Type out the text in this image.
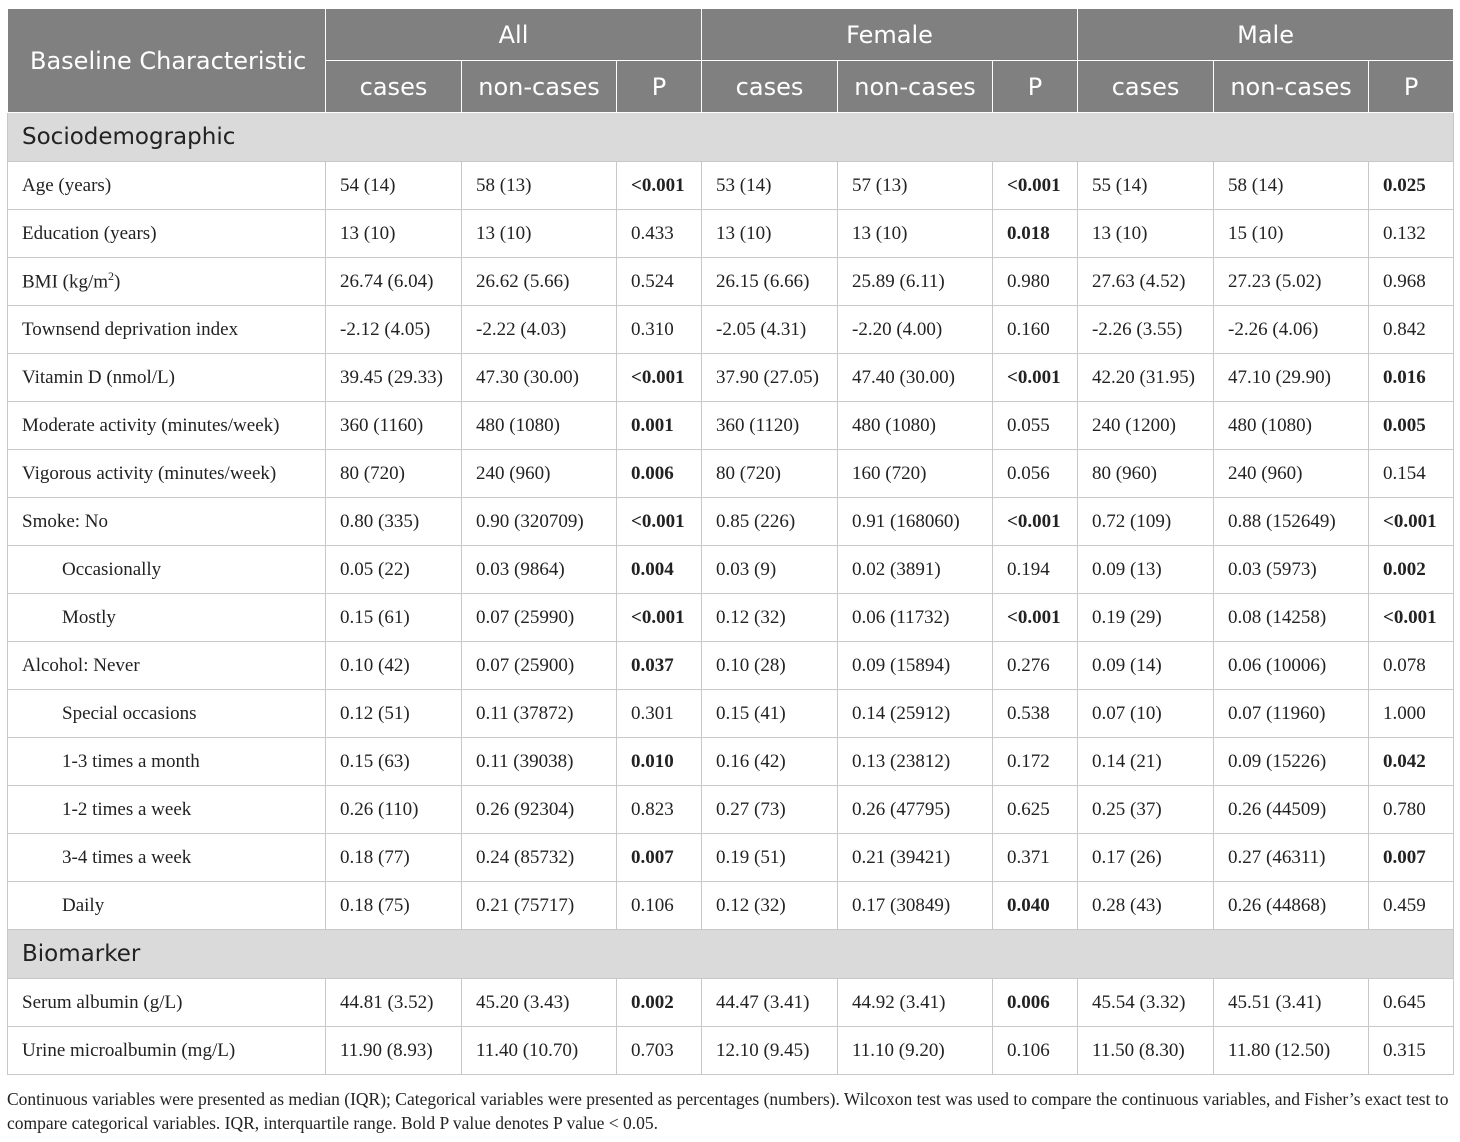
Baseline Characteristic	All			Female			Male		
	cases	non-cases	P	cases	non-cases	P	cases	non-cases	P
Sociodemographic									
Age (years)	54 (14)	58 (13)	<0.001	53 (14)	57 (13)	<0.001	55 (14)	58 (14)	0.025
Education (years)	13 (10)	13 (10)	0.433	13 (10)	13 (10)	0.018	13 (10)	15 (10)	0.132
BMI $(kg/m^2)$	26.74 (6.04)	26.62 (5.66)	0.524	26.15 (6.66)	25.89 (6.11)	0.980	27.63 (4.52)	27.23 (5.02)	0.968
Townsend deprivation index	-2.12 (4.05)	-2.22 (4.03)	0.310	-2.05 (4.31)	-2.20 (4.00)	0.160	-2.26 (3.55)	-2.26 (4.06)	0.842
Vitamin D (nmol/L)	39.45 (29.33)	47.30 (30.00)	<0.001	37.90 (27.05)	47.40 (30.00)	<0.001	42.20 (31.95)	47.10 (29.90)	0.016
Moderate activity (minutes/week)	360 (1160)	480 (1080)	0.001	360 (1120)	480 (1080)	0.055	240 (1200)	480 (1080)	0.005
Vigorous activity (minutes/week)	80 (720)	240 (960)	0.006	80 (720)	160 (720)	0.056	80 (960)	240 (960)	0.154
Smoke: No	0.80 (335)	0.90 (320709)	<0.001	0.85 (226)	0.91 (168060)	<0.001	0.72 (109)	0.88 (152649)	<0.001
Occasionally	0.05 (22)	0.03 (9864)	0.004	0.03 (9)	0.02 (3891)	0.194	0.09 (13)	0.03 (5973)	0.002
Mostly	0.15 (61)	0.07 (25990)	<0.001	0.12 (32)	0.06 (11732)	<0.001	0.19 (29)	0.08 (14258)	<0.001
Alcohol: Never	0.10 (42)	0.07 (25900)	0.037	0.10 (28)	0.09 (15894)	0.276	0.09 (14)	0.06 (10006)	0.078
Special occasions	0.12 (51)	0.11 (37872)	0.301	0.15 (41)	0.14 (25912)	0.538	0.07 (10)	0.07 (11960)	1.000
1-3 times a month	0.15 (63)	0.11 (39038)	0.010	0.16 (42)	0.13 (23812)	0.172	0.14 (21)	0.09 (15226)	0.042
1-2 times a week	0.26 (110)	0.26 (92304)	0.823	0.27 (73)	0.26 (47795)	0.625	0.25 (37)	0.26 (44509)	0.780
3-4 times a week	0.18 (77)	0.24 (85732)	0.007	0.19 (51)	0.21 (39421)	0.371	0.17 (26)	0.27 (46311)	0.007
Daily	0.18 (75)	0.21 (75717)	0.106	0.12 (32)	0.17 (30849)	0.040	0.28 (43)	0.26 (44868)	0.459
Biomarker									
Serum albumin (g/L)	44.81 (3.52)	45.20 (3.43)	0.002	44.47 (3.41)	44.92 (3.41)	0.006	45.54 (3.32)	45.51 (3.41)	0.645
Urine microalbumin (mg/L)	11.90 (8.93)	11.40 (10.70)	0.703	12.10 (9.45)	11.10 (9.20)	0.106	11.50 (8.30)	11.80 (12.50)	0.315
Continuous variables were presented as median (IQR); Categorical variables were presented as percentages (numbers). Wilcoxon test was used to compare the continuous variables, and Fisher’s exact test to compare categorical variables. IQR, interquartile range. Bold P value denotes P value < 0.05.
